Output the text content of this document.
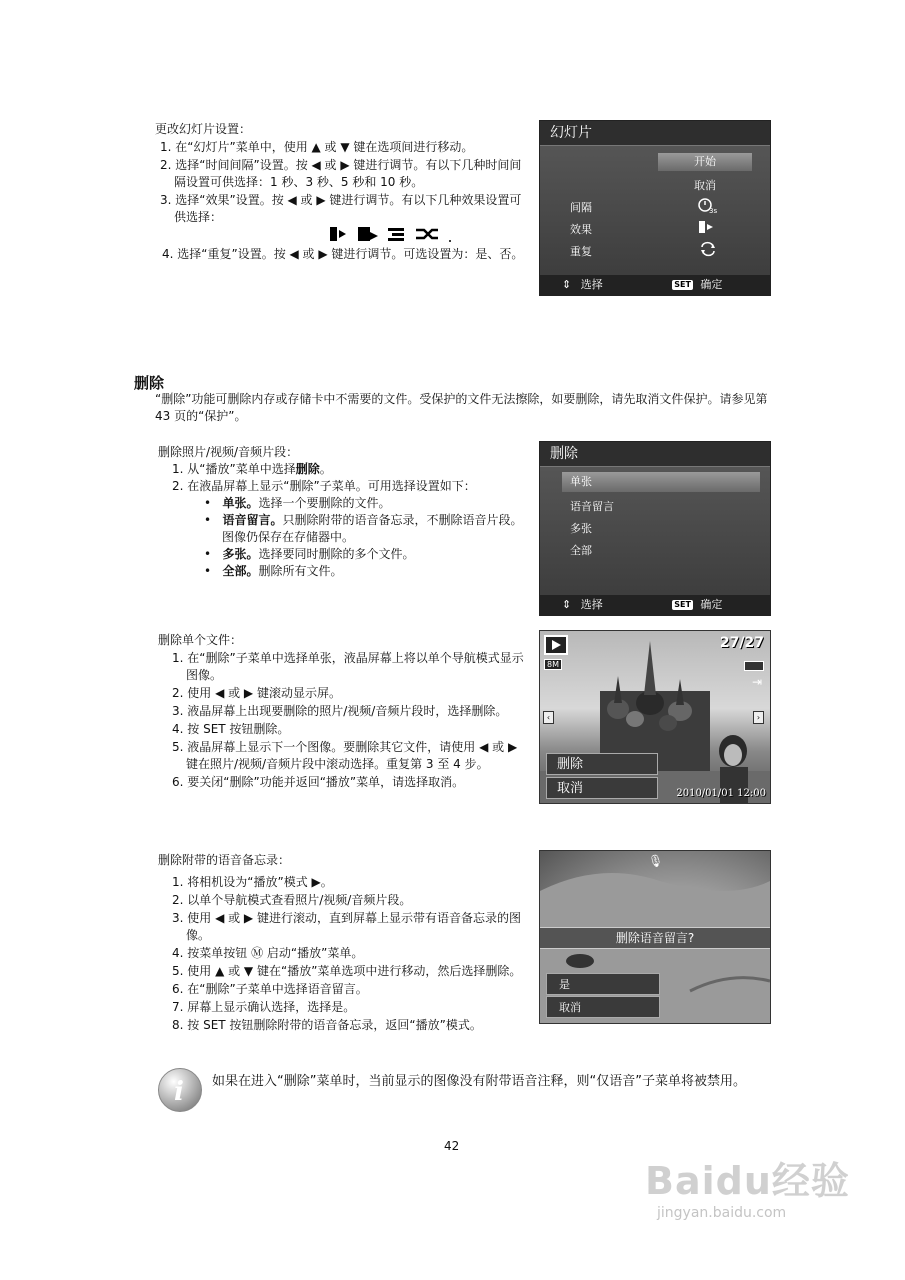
更改幻灯片设置：
1. 在“幻灯片”菜单中，使用 ▲ 或 ▼ 键在选项间进行移动。
2. 选择“时间间隔”设置。按 ◀ 或 ▶ 键进行调节。有以下几种时间间隔设置可供选择：1 秒、3 秒、5 秒和 10 秒。
3. 选择“效果”设置。按 ◀ 或 ▶ 键进行调节。有以下几种效果设置可供选择：
4. 选择“重复”设置。按 ◀ 或 ▶ 键进行调节。可选设置为：是、否。
幻灯片
开始
取消
间隔	3s
效果
重复
⇕ 选择	SET 确定
删除
“删除”功能可删除内存或存储卡中不需要的文件。受保护的文件无法擦除，如要删除，请先取消文件保护。请参见第 43 页的“保护”。
删除照片/视频/音频片段：
1. 从“播放”菜单中选择删除。
2. 在液晶屏幕上显示“删除”子菜单。可用选择设置如下：
•   单张。选择一个要删除的文件。
•   语音留言。只删除附带的语音备忘录，不删除语音片段。图像仍保存在存储器中。
•   多张。选择要同时删除的多个文件。
•   全部。删除所有文件。
删除
单张
语音留言
多张
全部
⇕ 选择	SET 确定
删除单个文件：
1. 在“删除”子菜单中选择单张，液晶屏幕上将以单个导航模式显示图像。
2. 使用 ◀ 或 ▶ 键滚动显示屏。
3. 液晶屏幕上出现要删除的照片/视频/音频片段时，选择删除。
4. 按 SET 按钮删除。
5. 液晶屏幕上显示下一个图像。要删除其它文件，请使用 ◀ 或 ▶ 键在照片/视频/音频片段中滚动选择。重复第 3 至 4 步。
6. 要关闭“删除”功能并返回“播放”菜单，请选择取消。
27/27
8M
⇥
‹	›
删除
取消	2010/01/01 12:00
删除附带的语音备忘录：
1. 将相机设为“播放”模式 ▶。
2. 以单个导航模式查看照片/视频/音频片段。
3. 使用 ◀ 或 ▶ 键进行滚动，直到屏幕上显示带有语音备忘录的图像。
4. 按菜单按钮 Ⓜ 启动“播放”菜单。
5. 使用 ▲ 或 ▼ 键在“播放”菜单选项中进行移动，然后选择删除。
6. 在“删除”子菜单中选择语音留言。
7. 屏幕上显示确认选择，选择是。
8. 按 SET 按钮删除附带的语音备忘录，返回“播放”模式。
🎙
删除语音留言?
是
取消
i 如果在进入“删除”菜单时，当前显示的图像没有附带语音注释，则“仅语音”子菜单将被禁用。
42
Baidu经验
jingyan.baidu.com
